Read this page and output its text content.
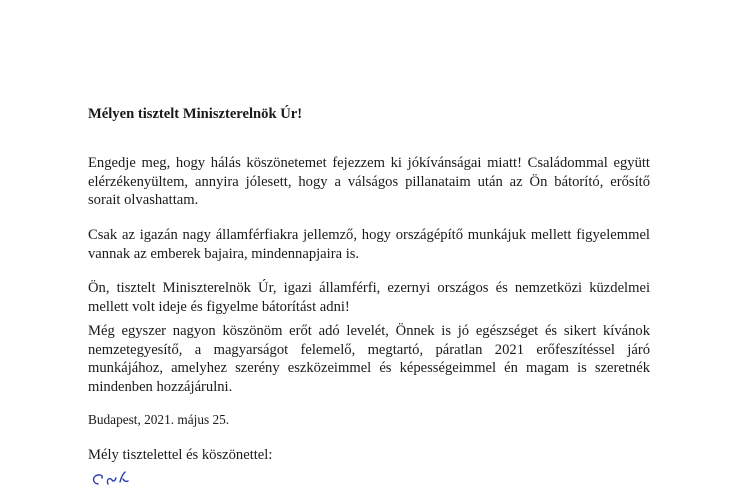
Mélyen tisztelt Miniszterelnök Úr!

Engedje meg, hogy hálás köszönetemet fejezzem ki jókívánságai miatt! Családommal együtt elérzékenyültem, annyira jólesett, hogy a válságos pillanataim után az Ön bátorító, erősítő sorait olvashattam.

Csak az igazán nagy államférfiakra jellemző, hogy országépítő munkájuk mellett figyelemmel vannak az emberek bajaira, mindennapjaira is.

Ön, tisztelt Miniszterelnök Úr, igazi államférfi, ezernyi országos és nemzetközi küzdelmei mellett volt ideje és figyelme bátorítást adni!

Még egyszer nagyon köszönöm erőt adó levelét, Önnek is jó egészséget és sikert kívánok nemzetegyesítő, a magyarságot felemelő, megtartó, páratlan 2021 erőfeszítéssel járó munkájához, amelyhez szerény eszközeimmel és képességeimmel én magam is szeretnék mindenben hozzájárulni.

Budapest, 2021. május 25.

Mély tisztelettel és köszönettel:
